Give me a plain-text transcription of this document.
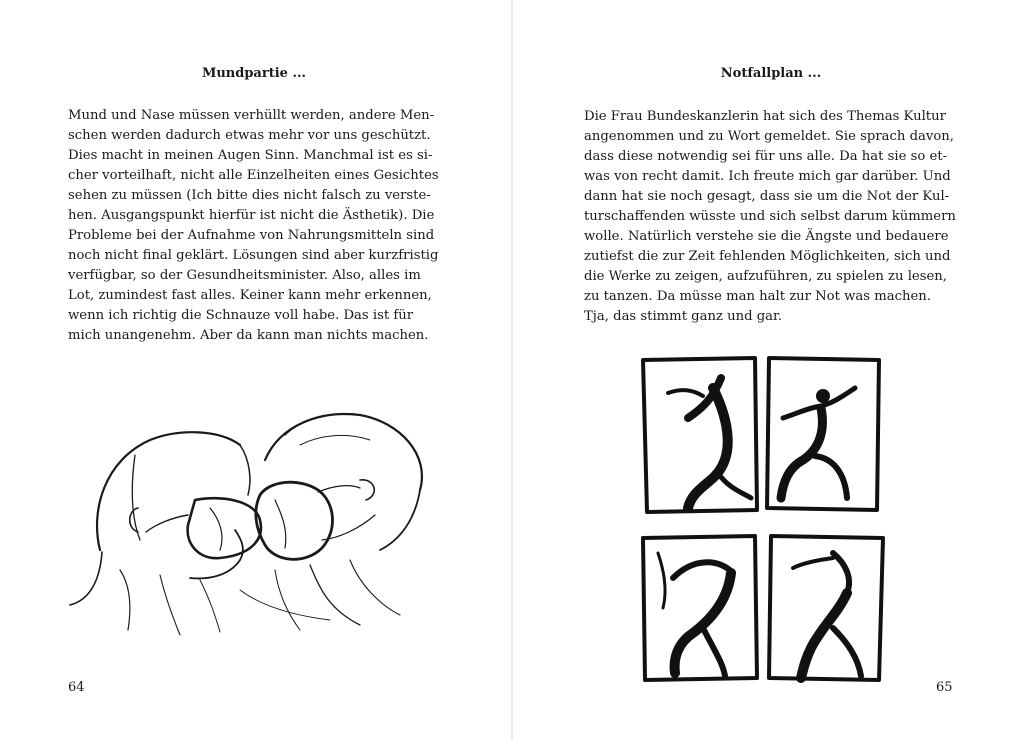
Mundpartie ...
Mund und Nase müssen verhüllt werden, andere Men-
schen werden dadurch etwas mehr vor uns geschützt.
Dies macht in meinen Augen Sinn. Manchmal ist es si-
cher vorteilhaft, nicht alle Einzelheiten eines Gesichtes
sehen zu müssen (Ich bitte dies nicht falsch zu verste-
hen. Ausgangspunkt hierfür ist nicht die Ästhetik). Die
Probleme bei der Aufnahme von Nahrungsmitteln sind
noch nicht final geklärt. Lösungen sind aber kurzfristig
verfügbar, so der Gesundheitsminister. Also, alles im
Lot, zumindest fast alles. Keiner kann mehr erkennen,
wenn ich richtig die Schnauze voll habe. Das ist für
mich unangenehm. Aber da kann man nichts machen.
64
Notfallplan ...
Die Frau Bundeskanzlerin hat sich des Themas Kultur
angenommen und zu Wort gemeldet. Sie sprach davon,
dass diese notwendig sei für uns alle. Da hat sie so et-
was von recht damit. Ich freute mich gar darüber. Und
dann hat sie noch gesagt, dass sie um die Not der Kul-
turschaffenden wüsste und sich selbst darum kümmern
wolle. Natürlich verstehe sie die Ängste und bedauere
zutiefst die zur Zeit fehlenden Möglichkeiten, sich und
die Werke zu zeigen, aufzuführen, zu spielen zu lesen,
zu tanzen. Da müsse man halt zur Not was machen.
Tja, das stimmt ganz und gar.
65
